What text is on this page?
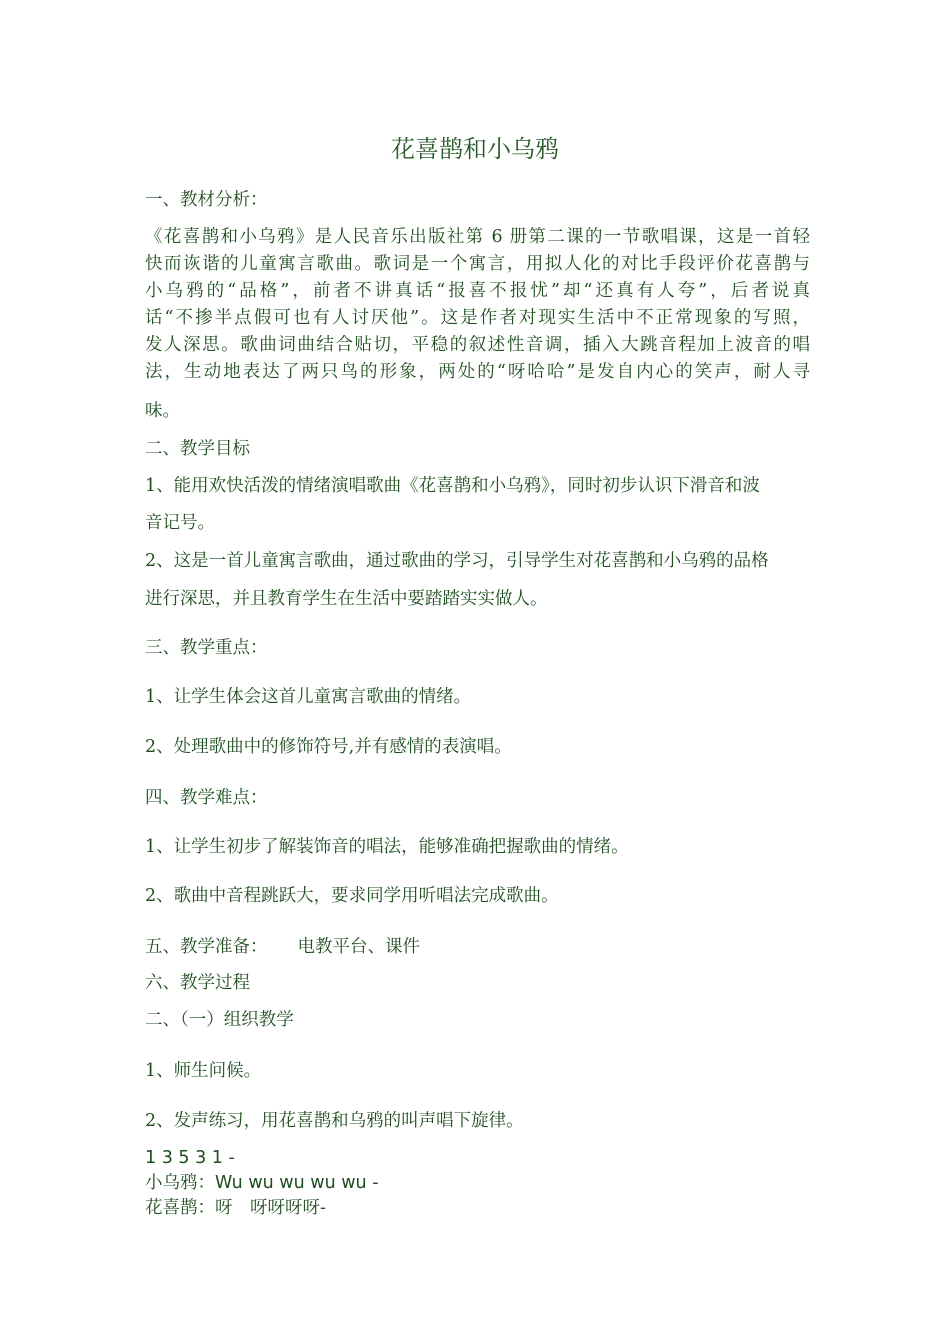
花喜鹊和小乌鸦
一、教材分析：
《花喜鹊和小乌鸦》是人民音乐出版社第 6 册第二课的一节歌唱课，这是一首轻
快而诙谐的儿童寓言歌曲。歌词是一个寓言，用拟人化的对比手段评价花喜鹊与
小乌鸦的“品格”，前者不讲真话“报喜不报忧”却“还真有人夸”，后者说真
话“不掺半点假可也有人讨厌他”。这是作者对现实生活中不正常现象的写照，
发人深思。歌曲词曲结合贴切，平稳的叙述性音调，插入大跳音程加上波音的唱
法，生动地表达了两只鸟的形象，两处的“呀哈哈”是发自内心的笑声，耐人寻
味。
二、教学目标
1、能用欢快活泼的情绪演唱歌曲《花喜鹊和小乌鸦》，同时初步认识下滑音和波
音记号。
2、这是一首儿童寓言歌曲，通过歌曲的学习，引导学生对花喜鹊和小乌鸦的品格
进行深思，并且教育学生在生活中要踏踏实实做人。
三、教学重点：
1、让学生体会这首儿童寓言歌曲的情绪。
2、处理歌曲中的修饰符号,并有感情的表演唱。
四、教学难点：
1、让学生初步了解装饰音的唱法，能够准确把握歌曲的情绪。
2、歌曲中音程跳跃大，要求同学用听唱法完成歌曲。
五、教学准备： 电教平台、课件
六、教学过程
二、（一）组织教学
1、师生问候。
2、发声练习，用花喜鹊和乌鸦的叫声唱下旋律。
1 3 5 3 1 -
小乌鸦：Wu wu wu wu wu -
花喜鹊：呀　呀呀呀呀-
